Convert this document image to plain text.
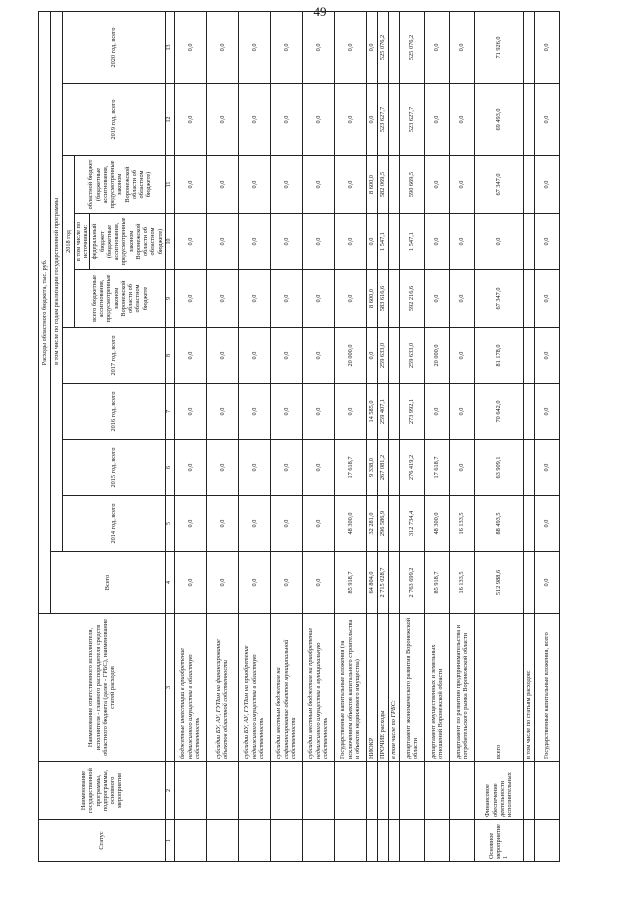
49
Статус	Наименование государственной программы, подпрограммы, основного мероприятия	Наименование ответственного исполнителя, исполнителя - главного распорядителя средств областного бюджета (далее - ГРБС), наименование статей расходов	Расходы областного бюджета, тыс. руб.									
			Всего	в том числе по годам реализации государственной программы								
				2014 год, всего	2015 год, всего	2016 год, всего	2017 год, всего	2018 год			2019 год, всего	2020 год, всего
								всего бюджетные ассигнования, предусмотренные законом Воронежской области об областном бюджете	в том числе по источникам: федеральный бюджет (бюджетные ассигнования, предусмотренные законом Воронежской области об областном бюджете)	областной бюджет (бюджетные ассигнования, предусмотренные законом Воронежской области об областном бюджете)		
1	2	3	4	5	6	7	8	9	10	11	12	13
		бюджетные инвестиции в приобретение недвижимого имущества в областную собственность	0,0	0,0	0,0	0,0	0,0	0,0	0,0	0,0	0,0	0,0
		субсидии БУ, АУ, ГУПам на финансирование объектов областной собственности	0,0	0,0	0,0	0,0	0,0	0,0	0,0	0,0	0,0	0,0
		субсидии БУ, АУ, ГУПам на приобретение недвижимого имущества в областную собственность	0,0	0,0	0,0	0,0	0,0	0,0	0,0	0,0	0,0	0,0
		субсидии местным бюджетам на софинансирование объектов муниципальной собственности	0,0	0,0	0,0	0,0	0,0	0,0	0,0	0,0	0,0	0,0
		субсидии местным бюджетам на приобретение недвижимого имущества в муниципальную собственность	0,0	0,0	0,0	0,0	0,0	0,0	0,0	0,0	0,0	0,0
		Государственные капитальные вложения (за исключением объектов капитального строительства и объектов недвижимого имущества)	85 918,7	48 300,0	17 618,7	0,0	20 000,0	0,0	0,0	0,0	0,0	0,0
		НИОКР	64 804,0	32 281,0	9 338,0	14 585,0	0,0	8 600,0	0,0	8 600,0	0,0	0,0
		ПРОЧИЕ расходы	2 715 028,7	296 586,9	267 081,2	259 407,1	259 633,0	583 616,6	1 547,1	582 069,5	523 627,7	525 076,2
		в том числе по ГРБС:										
		департамент экономического развития Воронежской области	2 763 699,2	312 734,4	276 419,2	273 992,1	259 633,0	592 216,6	1 547,1	590 669,5	523 627,7	525 076,2
		департамент имущественных и земельных отношений Воронежской области	85 918,7	48 300,0	17 618,7	0,0	20 000,0	0,0	0,0	0,0	0,0	0,0
		департамент по развитию предпринимательства и потребительского рынка Воронежской области	16 133,5	16 133,5	0,0	0,0	0,0	0,0	0,0	0,0	0,0	0,0
Основное мероприятие 1	Финансовое обеспечение деятельности исполнительных	всего	512 988,6	88 493,5	63 909,1	70 642,0	81 178,0	67 347,0	0,0	67 347,0	69 493,0	71 926,0
		в том числе по статьям расходов:										
		Государственные капитальные вложения, всего	0,0	0,0	0,0	0,0	0,0	0,0	0,0	0,0	0,0	0,0
